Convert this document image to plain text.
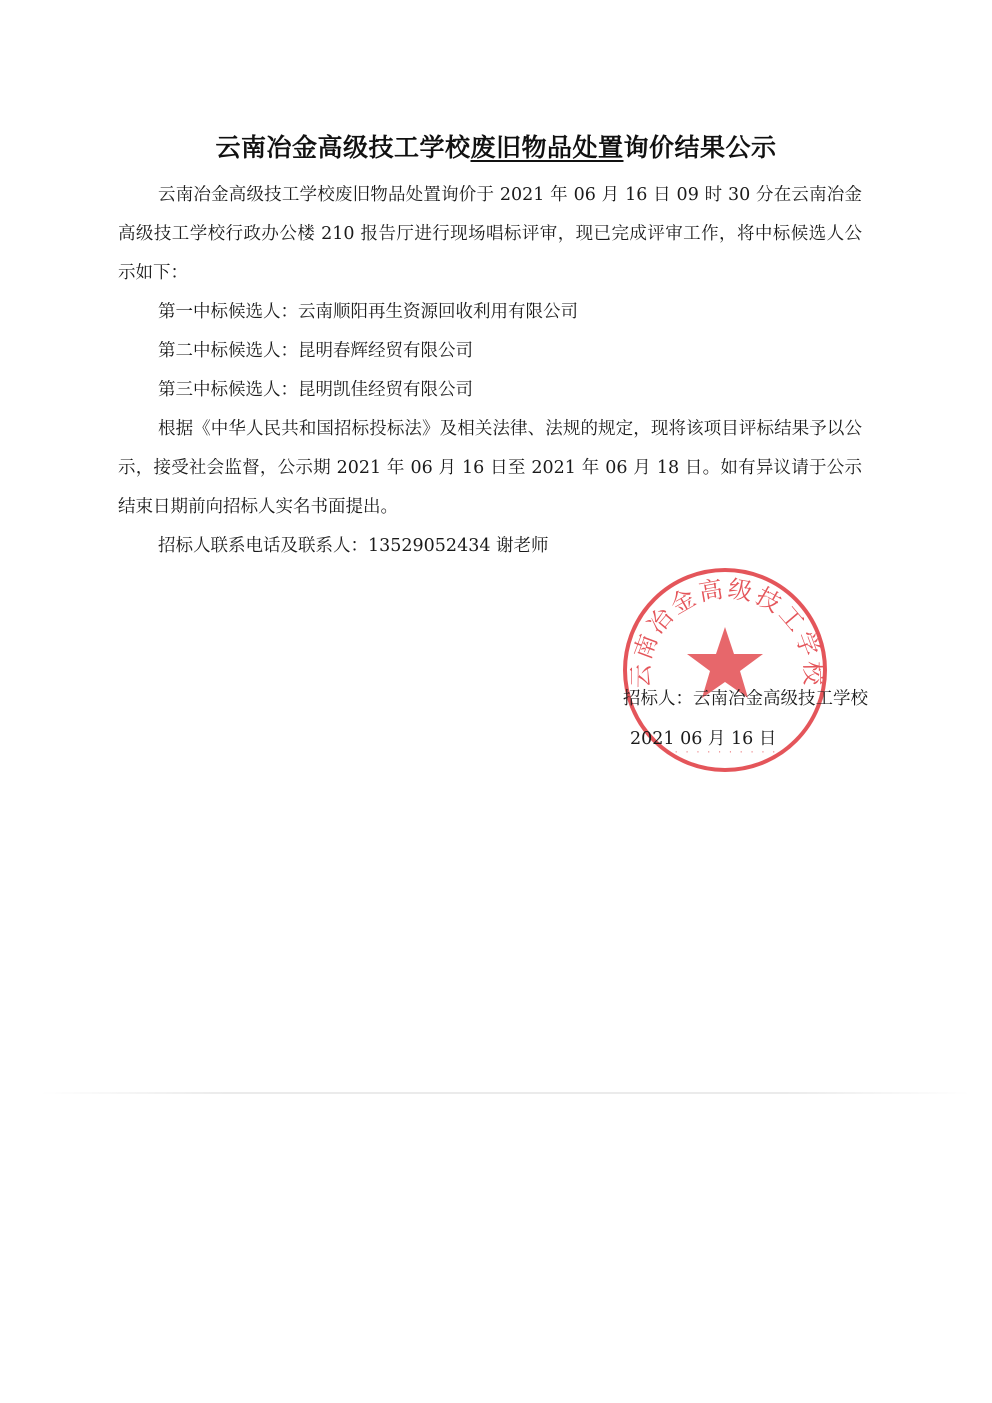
云南冶金高级技工学校废旧物品处置询价结果公示

云南冶金高级技工学校废旧物品处置询价于 2021 年 06 月 16 日 09 时 30 分在云南冶金高级技工学校行政办公楼 210 报告厅进行现场唱标评审，现已完成评审工作，将中标候选人公示如下：

第一中标候选人：云南顺阳再生资源回收利用有限公司

第二中标候选人：昆明春辉经贸有限公司

第三中标候选人：昆明凯佳经贸有限公司

根据《中华人民共和国招标投标法》及相关法律、法规的规定，现将该项目评标结果予以公示，接受社会监督，公示期 2021 年 06 月 16 日至 2021 年 06 月 18 日。如有异议请于公示结束日期前向招标人实名书面提出。

招标人联系电话及联系人：13529052434 谢老师

云南冶金高级技工学校
· · · · · · · · · ·
招标人：云南冶金高级技工学校
2021 06 月 16 日
